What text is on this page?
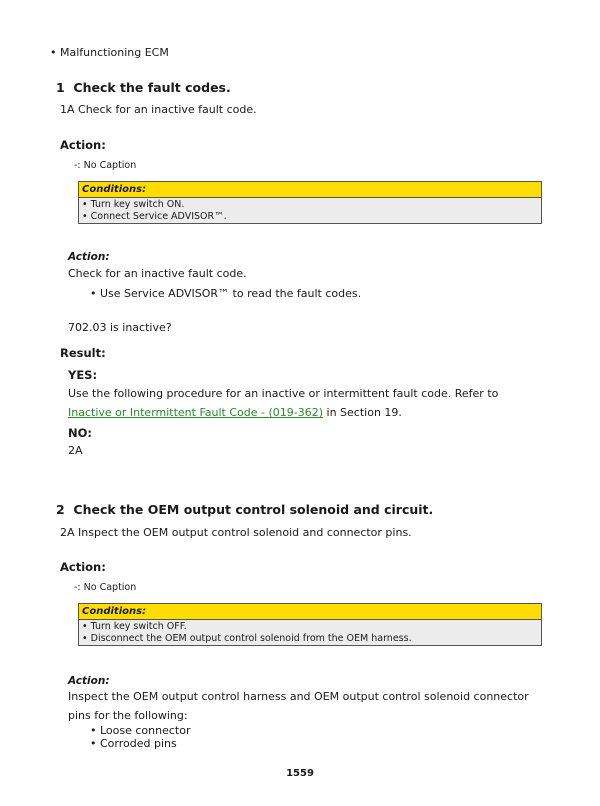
• Malfunctioning ECM
1 Check the fault codes.
1A Check for an inactive fault code.
Action:
-: No Caption
Conditions:
• Turn key switch ON.
• Connect Service ADVISOR™.
Action:
Check for an inactive fault code.
• Use Service ADVISOR™ to read the fault codes.
702.03 is inactive?
Result:
YES:
Use the following procedure for an inactive or intermittent fault code. Refer to
Inactive or Intermittent Fault Code - (019-362) in Section 19.
NO:
2A
2 Check the OEM output control solenoid and circuit.
2A Inspect the OEM output control solenoid and connector pins.
Action:
-: No Caption
Conditions:
• Turn key switch OFF.
• Disconnect the OEM output control solenoid from the OEM harness.
Action:
Inspect the OEM output control harness and OEM output control solenoid connector
pins for the following:
• Loose connector
• Corroded pins
1559
